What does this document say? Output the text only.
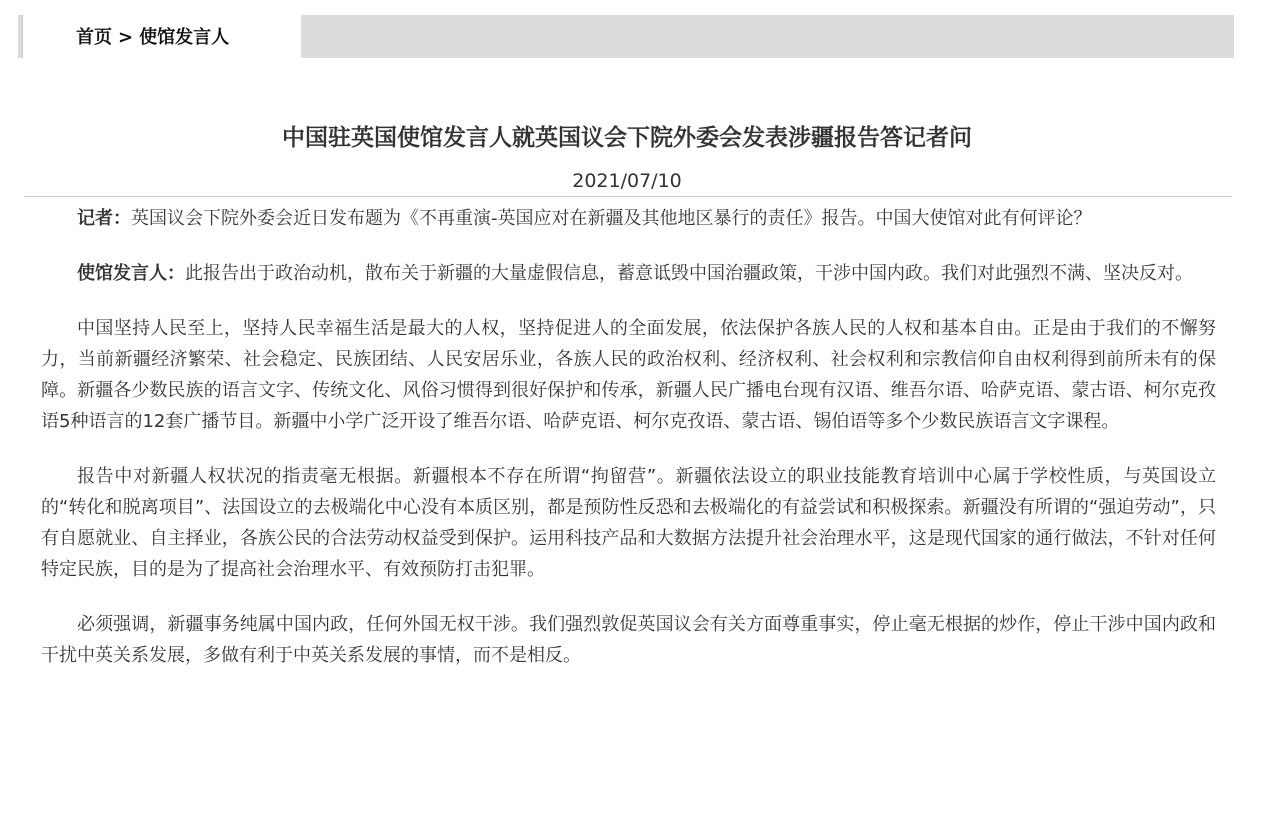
首页 > 使馆发言人
中国驻英国使馆发言人就英国议会下院外委会发表涉疆报告答记者问
2021/07/10

记者：英国议会下院外委会近日发布题为《不再重演-英国应对在新疆及其他地区暴行的责任》报告。中国大使馆对此有何评论？

使馆发言人：此报告出于政治动机，散布关于新疆的大量虚假信息，蓄意诋毁中国治疆政策，干涉中国内政。我们对此强烈不满、坚决反对。

中国坚持人民至上，坚持人民幸福生活是最大的人权，坚持促进人的全面发展，依法保护各族人民的人权和基本自由。正是由于我们的不懈努力，当前新疆经济繁荣、社会稳定、民族团结、人民安居乐业，各族人民的政治权利、经济权利、社会权利和宗教信仰自由权利得到前所未有的保障。新疆各少数民族的语言文字、传统文化、风俗习惯得到很好保护和传承，新疆人民广播电台现有汉语、维吾尔语、哈萨克语、蒙古语、柯尔克孜语5种语言的12套广播节目。新疆中小学广泛开设了维吾尔语、哈萨克语、柯尔克孜语、蒙古语、锡伯语等多个少数民族语言文字课程。

报告中对新疆人权状况的指责毫无根据。新疆根本不存在所谓“拘留营”。新疆依法设立的职业技能教育培训中心属于学校性质，与英国设立的“转化和脱离项目”、法国设立的去极端化中心没有本质区别，都是预防性反恐和去极端化的有益尝试和积极探索。新疆没有所谓的“强迫劳动”，只有自愿就业、自主择业，各族公民的合法劳动权益受到保护。运用科技产品和大数据方法提升社会治理水平，这是现代国家的通行做法，不针对任何特定民族，目的是为了提高社会治理水平、有效预防打击犯罪。

必须强调，新疆事务纯属中国内政，任何外国无权干涉。我们强烈敦促英国议会有关方面尊重事实，停止毫无根据的炒作，停止干涉中国内政和干扰中英关系发展，多做有利于中英关系发展的事情，而不是相反。
